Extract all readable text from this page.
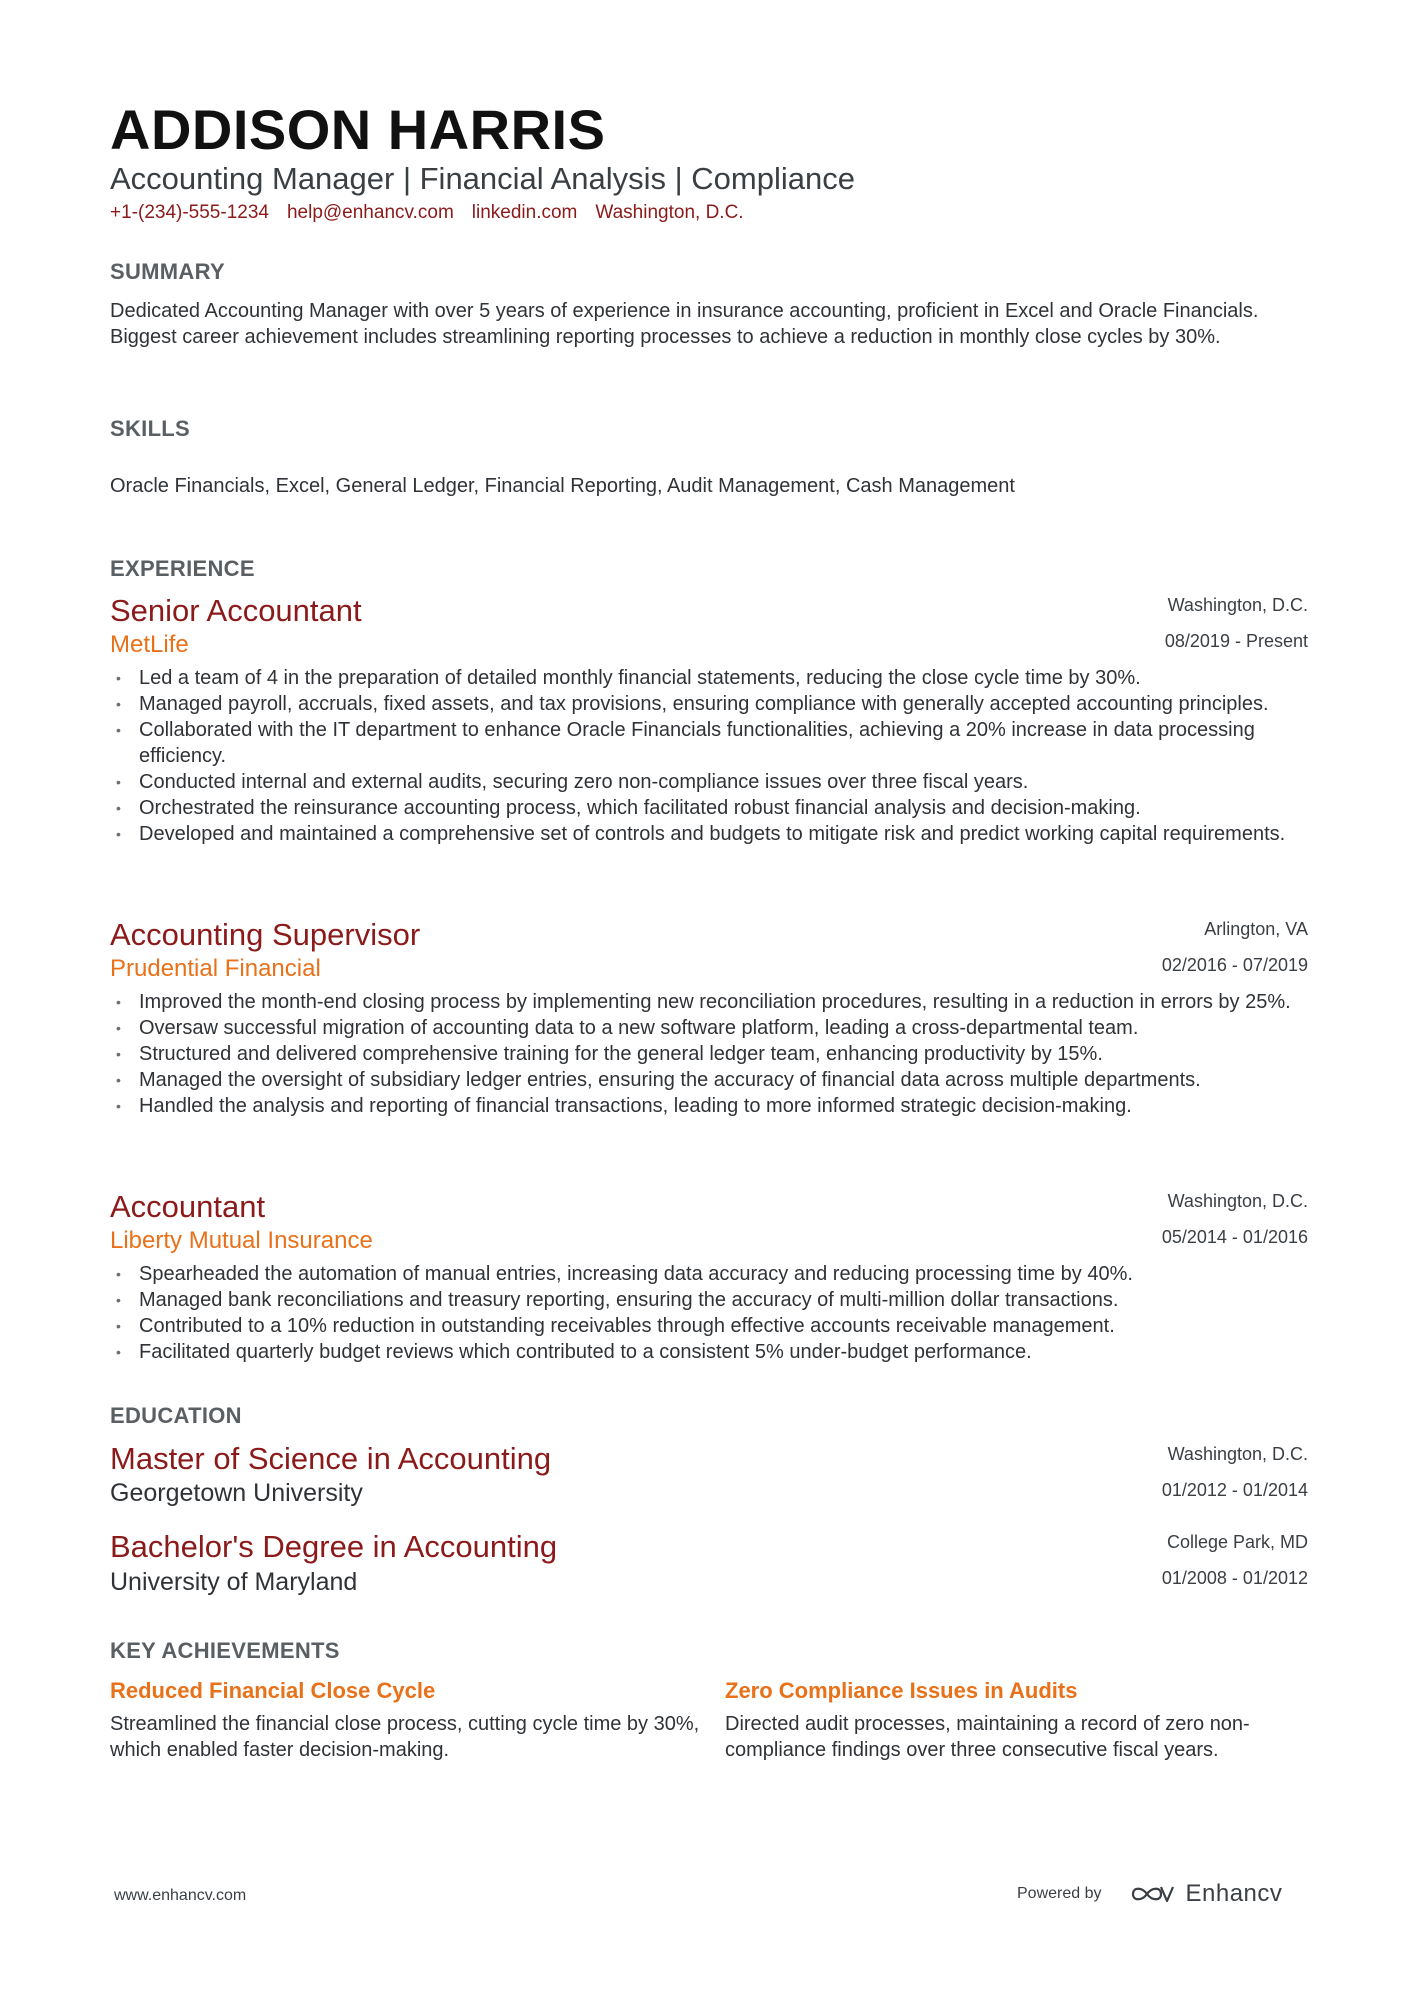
ADDISON HARRIS
Accounting Manager | Financial Analysis | Compliance
+1-(234)-555-1234 help@enhancv.com linkedin.com Washington, D.C.
SUMMARY
Dedicated Accounting Manager with over 5 years of experience in insurance accounting, proficient in Excel and Oracle Financials. Biggest career achievement includes streamlining reporting processes to achieve a reduction in monthly close cycles by 30%.
SKILLS
Oracle Financials, Excel, General Ledger, Financial Reporting, Audit Management, Cash Management
EXPERIENCE
Senior Accountant	Washington, D.C.
MetLife	08/2019 - Present
• Led a team of 4 in the preparation of detailed monthly financial statements, reducing the close cycle time by 30%.
• Managed payroll, accruals, fixed assets, and tax provisions, ensuring compliance with generally accepted accounting principles.
• Collaborated with the IT department to enhance Oracle Financials functionalities, achieving a 20% increase in data processing efficiency.
• Conducted internal and external audits, securing zero non-compliance issues over three fiscal years.
• Orchestrated the reinsurance accounting process, which facilitated robust financial analysis and decision-making.
• Developed and maintained a comprehensive set of controls and budgets to mitigate risk and predict working capital requirements.
Accounting Supervisor	Arlington, VA
Prudential Financial	02/2016 - 07/2019
• Improved the month-end closing process by implementing new reconciliation procedures, resulting in a reduction in errors by 25%.
• Oversaw successful migration of accounting data to a new software platform, leading a cross-departmental team.
• Structured and delivered comprehensive training for the general ledger team, enhancing productivity by 15%.
• Managed the oversight of subsidiary ledger entries, ensuring the accuracy of financial data across multiple departments.
• Handled the analysis and reporting of financial transactions, leading to more informed strategic decision-making.
Accountant	Washington, D.C.
Liberty Mutual Insurance	05/2014 - 01/2016
• Spearheaded the automation of manual entries, increasing data accuracy and reducing processing time by 40%.
• Managed bank reconciliations and treasury reporting, ensuring the accuracy of multi-million dollar transactions.
• Contributed to a 10% reduction in outstanding receivables through effective accounts receivable management.
• Facilitated quarterly budget reviews which contributed to a consistent 5% under-budget performance.
EDUCATION
Master of Science in Accounting	Washington, D.C.
Georgetown University	01/2012 - 01/2014
Bachelor's Degree in Accounting	College Park, MD
University of Maryland	01/2008 - 01/2012
KEY ACHIEVEMENTS
Reduced Financial Close Cycle
Streamlined the financial close process, cutting cycle time by 30%, which enabled faster decision-making.
Zero Compliance Issues in Audits
Directed audit processes, maintaining a record of zero non-compliance findings over three consecutive fiscal years.
www.enhancv.com	Powered by	Enhancv
